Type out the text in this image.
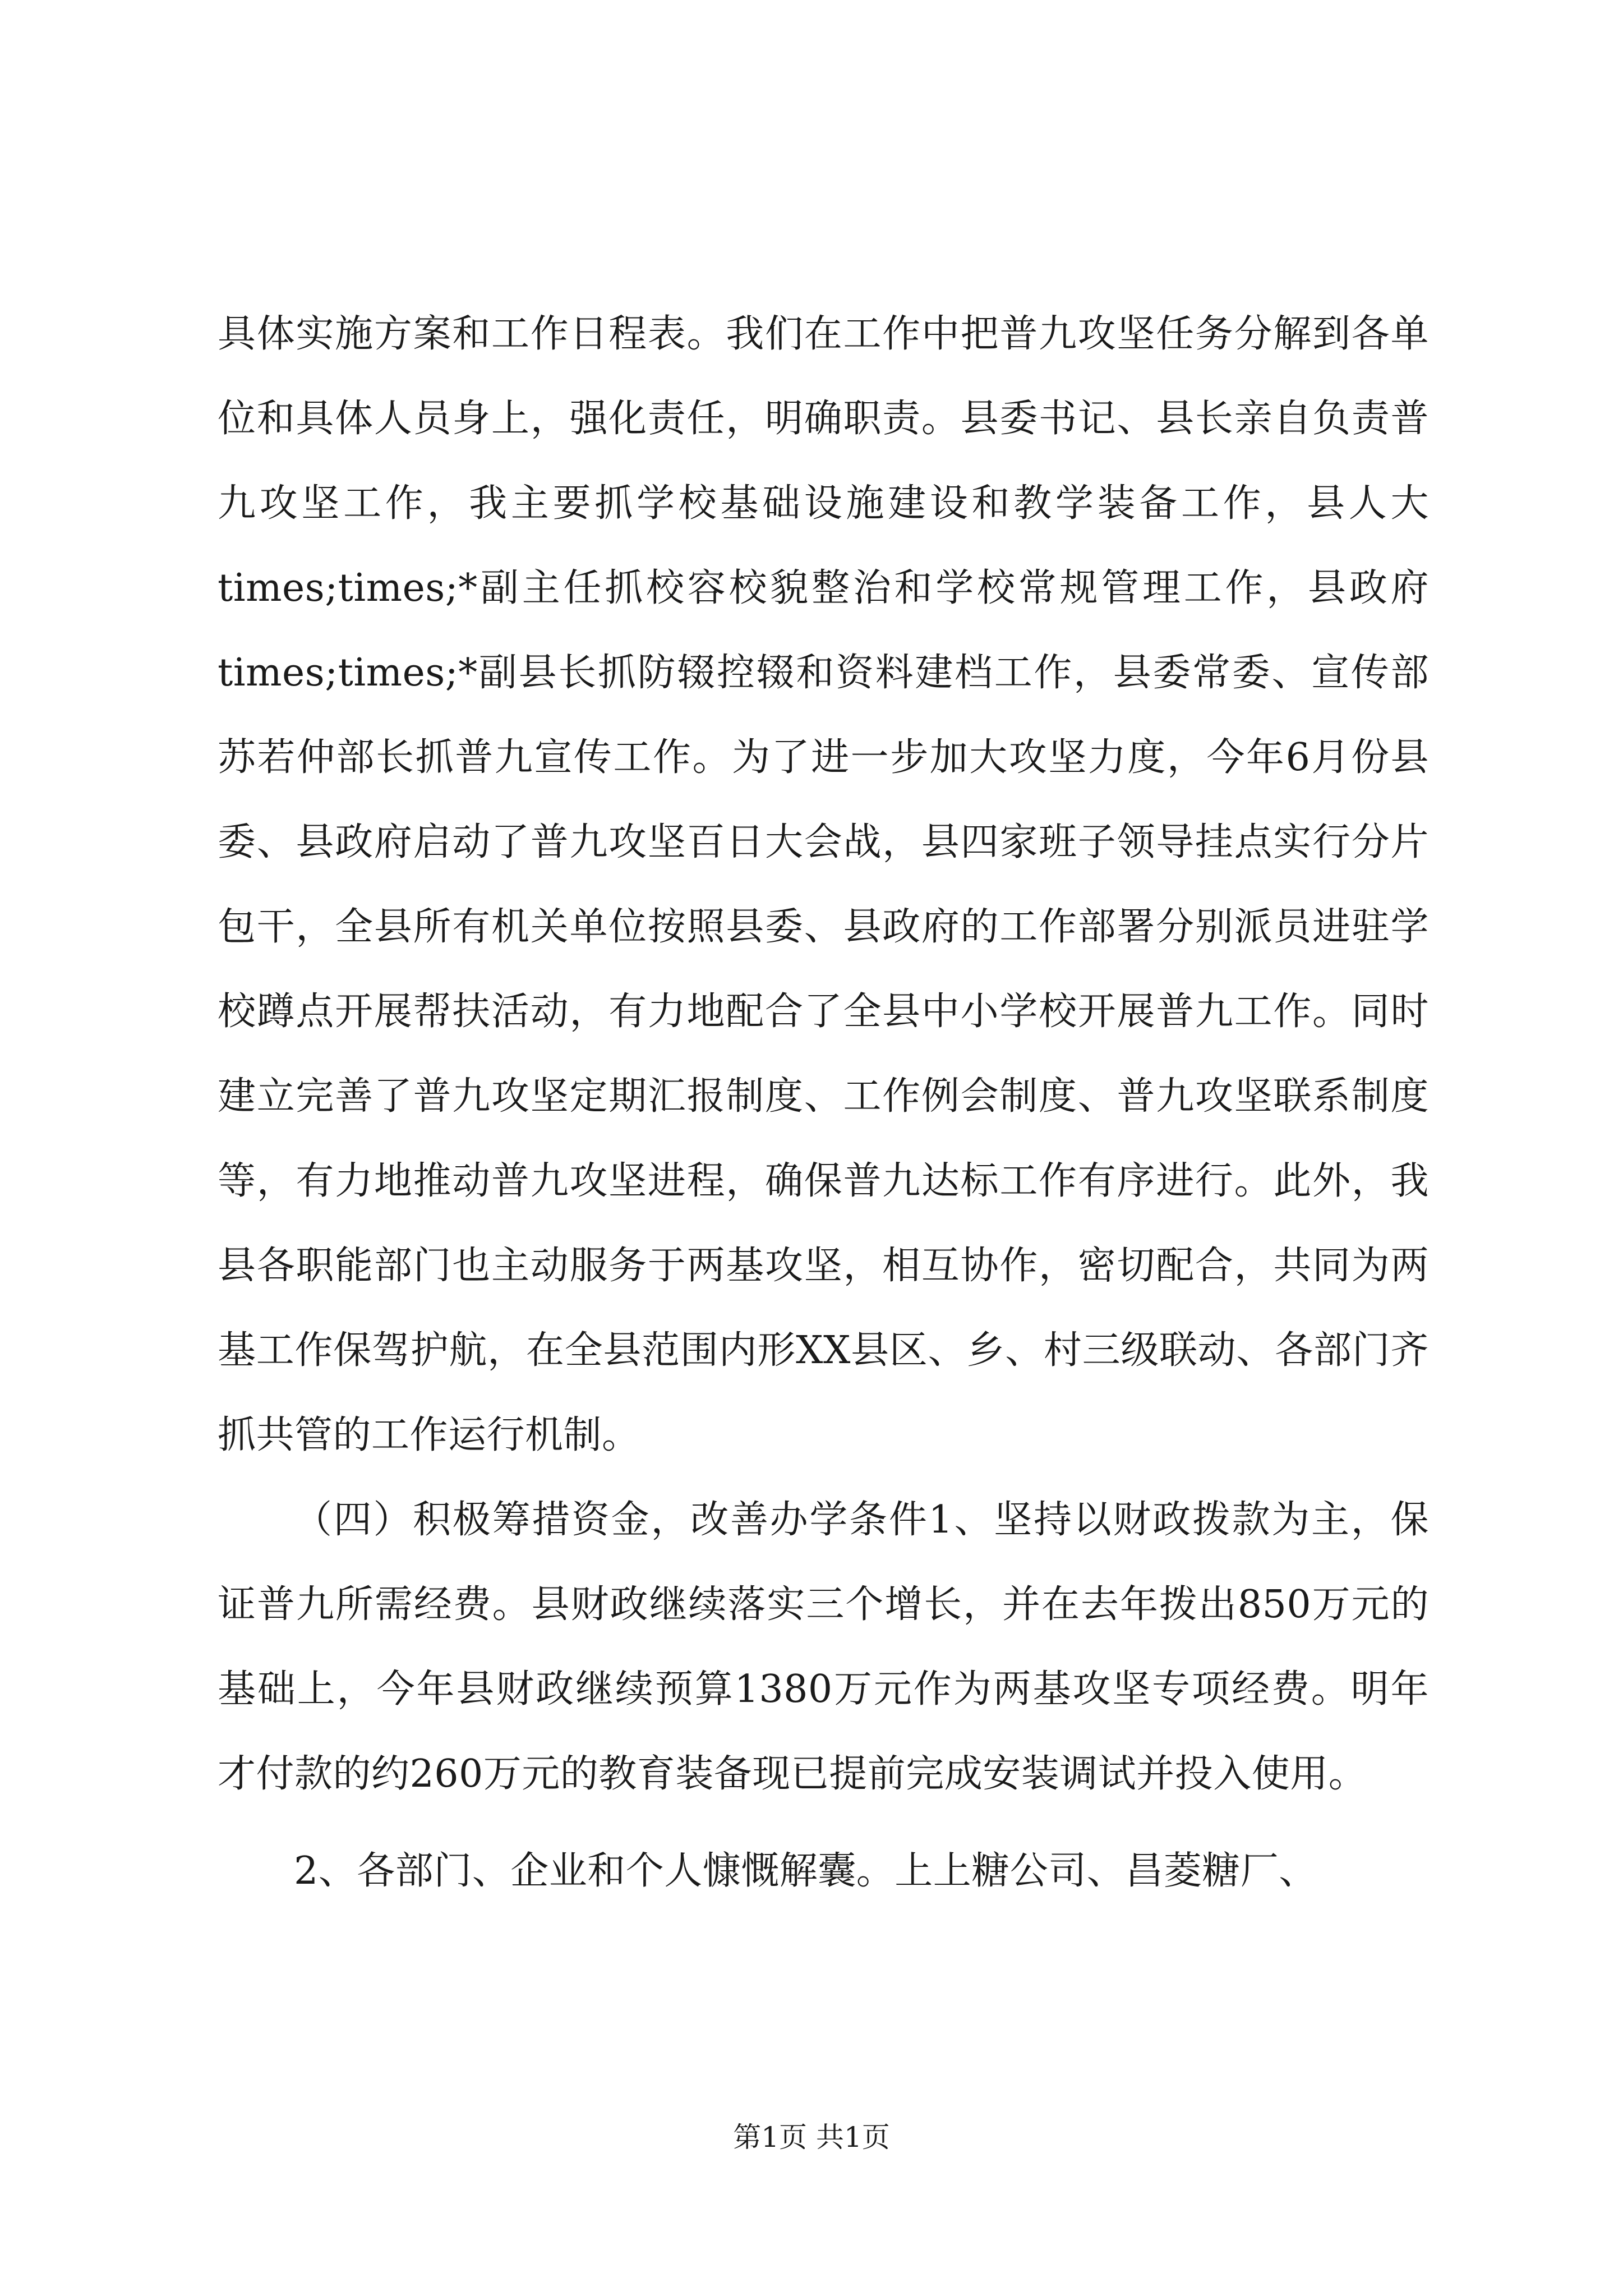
具体实施方案和工作日程表。我们在工作中把普九攻坚任务分解到各单位和具体人员身上，强化责任，明确职责。县委书记、县长亲自负责普九攻坚工作，我主要抓学校基础设施建设和教学装备工作，县人大times;times;*副主任抓校容校貌整治和学校常规管理工作，县政府times;times;*副县长抓防辍控辍和资料建档工作，县委常委、宣传部苏若仲部长抓普九宣传工作。为了进一步加大攻坚力度，今年6月份县委、县政府启动了普九攻坚百日大会战，县四家班子领导挂点实行分片包干，全县所有机关单位按照县委、县政府的工作部署分别派员进驻学校蹲点开展帮扶活动，有力地配合了全县中小学校开展普九工作。同时建立完善了普九攻坚定期汇报制度、工作例会制度、普九攻坚联系制度等，有力地推动普九攻坚进程，确保普九达标工作有序进行。此外，我县各职能部门也主动服务于两基攻坚，相互协作，密切配合，共同为两基工作保驾护航，在全县范围内形XX县区、乡、村三级联动、各部门齐抓共管的工作运行机制。

（四）积极筹措资金，改善办学条件1、坚持以财政拨款为主，保证普九所需经费。县财政继续落实三个增长，并在去年拨出850万元的基础上，今年县财政继续预算1380万元作为两基攻坚专项经费。明年才付款的约260万元的教育装备现已提前完成安装调试并投入使用。

2、各部门、企业和个人慷慨解囊。上上糖公司、昌菱糖厂、

第1页 共1页
